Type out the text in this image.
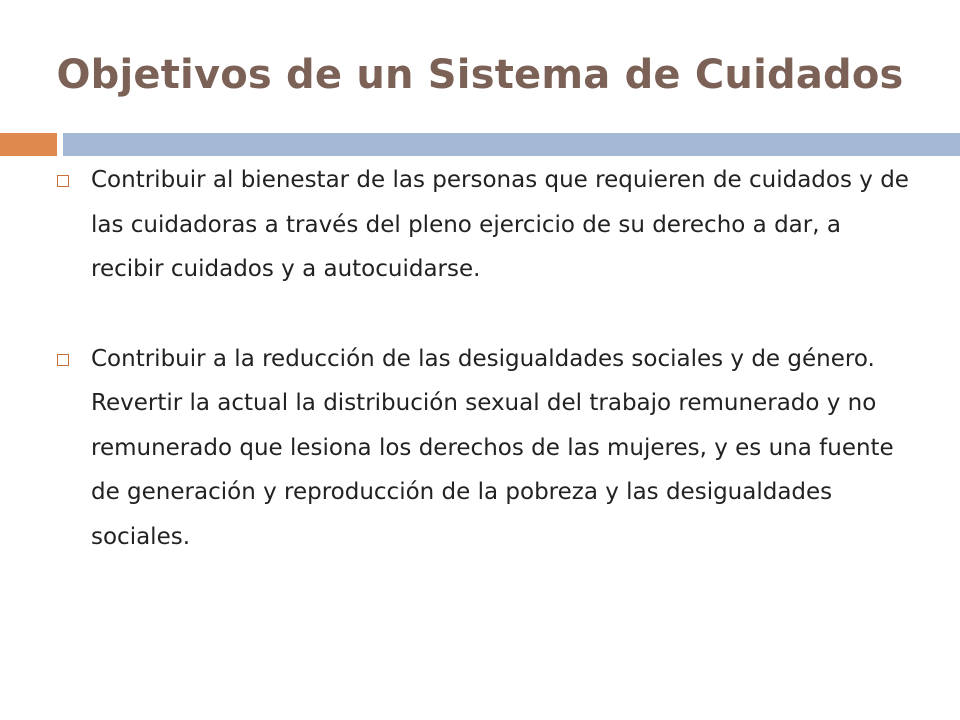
Objetivos de un Sistema de Cuidados
Contribuir al bienestar de las personas que requieren de cuidados y de las cuidadoras a través del pleno ejercicio de su derecho a dar, a recibir cuidados y a autocuidarse.
Contribuir a la reducción de las desigualdades sociales y de género. Revertir la actual la distribución sexual del trabajo remunerado y no remunerado que lesiona los derechos de las mujeres, y es una fuente de generación y reproducción de la pobreza y las desigualdades sociales.
